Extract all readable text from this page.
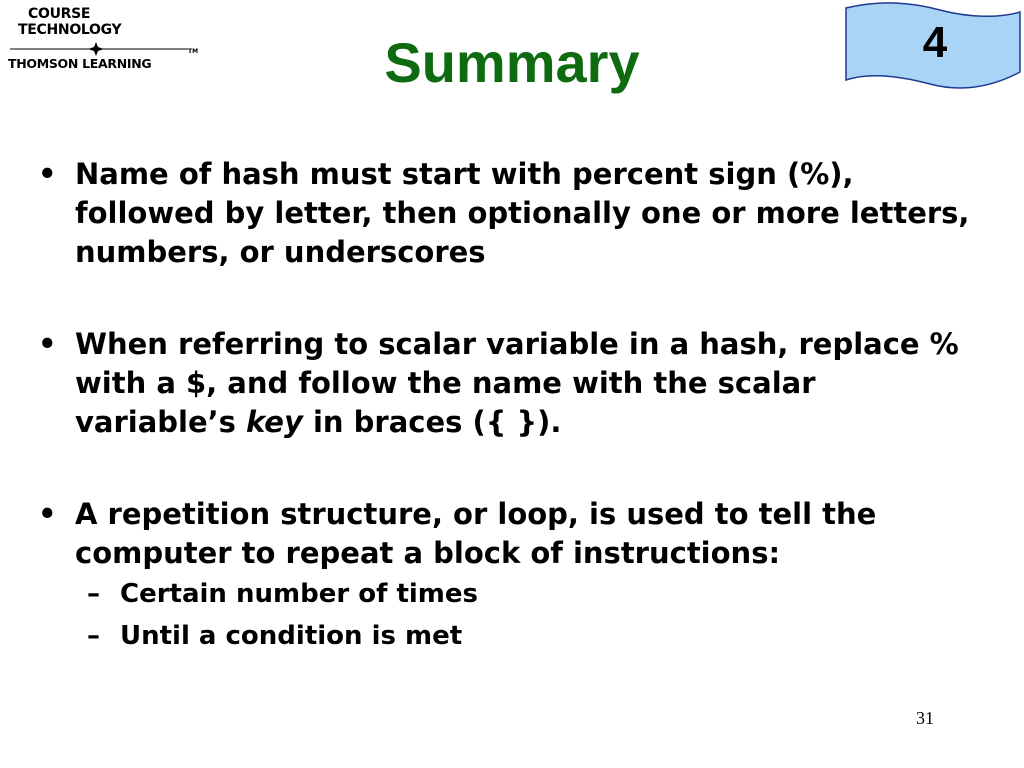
COURSE
TECHNOLOGY
TM
THOMSON LEARNING	Summary	4
• Name of hash must start with percent sign (%), followed by letter, then optionally one or more letters, numbers, or underscores
• When referring to scalar variable in a hash, replace % with a $, and follow the name with the scalar variable’s key in braces ({ }).
• A repetition structure, or loop, is used to tell the computer to repeat a block of instructions:
– Certain number of times
– Until a condition is met
31
